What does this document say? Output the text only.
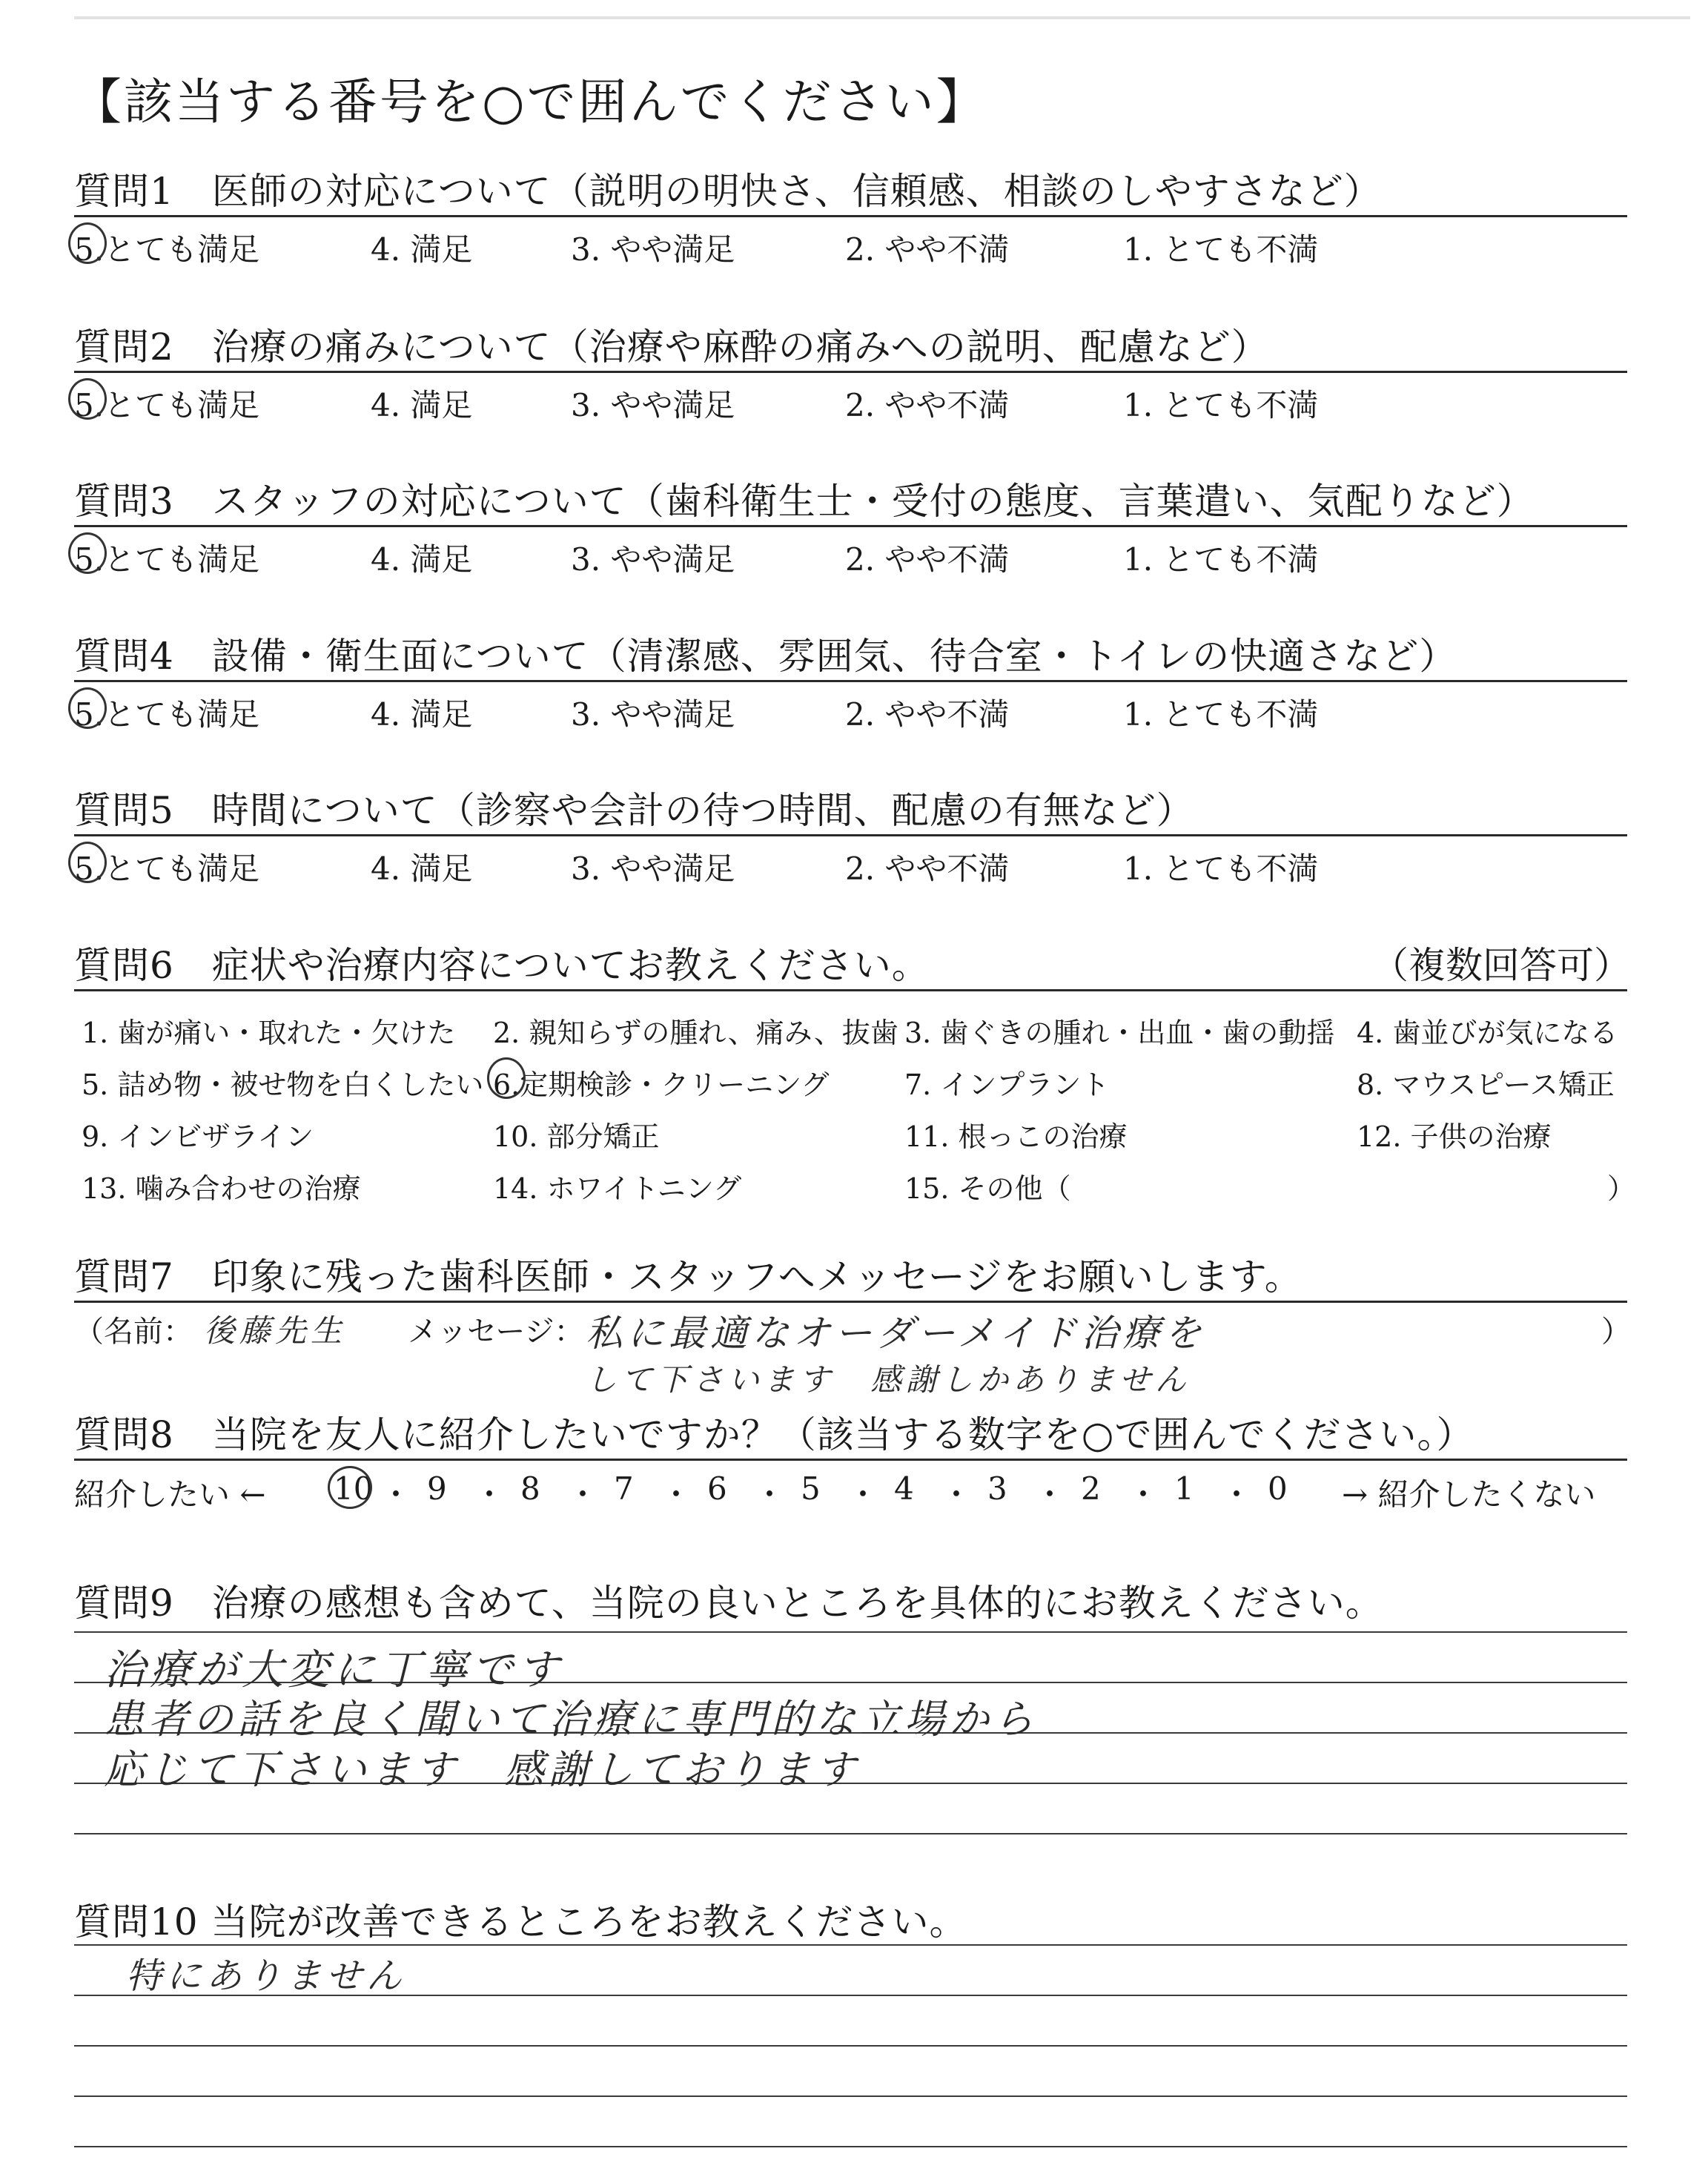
【該当する番号を○で囲んでください】
質問1　医師の対応について（説明の明快さ、信頼感、相談のしやすさなど）
5.とても満足	4. 満足	3. やや満足	2. やや不満	1. とても不満
質問2　治療の痛みについて（治療や麻酔の痛みへの説明、配慮など）
5.とても満足	4. 満足	3. やや満足	2. やや不満	1. とても不満
質問3　スタッフの対応について（歯科衛生士・受付の態度、言葉遣い、気配りなど）
5.とても満足	4. 満足	3. やや満足	2. やや不満	1. とても不満
質問4　設備・衛生面について（清潔感、雰囲気、待合室・トイレの快適さなど）
5.とても満足	4. 満足	3. やや満足	2. やや不満	1. とても不満
質問5　時間について（診察や会計の待つ時間、配慮の有無など）
5.とても満足	4. 満足	3. やや満足	2. やや不満	1. とても不満
質問6　症状や治療内容についてお教えください。	（複数回答可）
1. 歯が痛い・取れた・欠けた 2. 親知らずの腫れ、痛み、抜歯 3. 歯ぐきの腫れ・出血・歯の動揺 4. 歯並びが気になる
5. 詰め物・被せ物を白くしたい 6.定期検診・クリーニング	7. インプラント	8. マウスピース矯正
9. インビザライン	10. 部分矯正	11. 根っこの治療	12. 子供の治療
13. 噛み合わせの治療	14. ホワイトニング	15. その他（	）
質問7　印象に残った歯科医師・スタッフへメッセージをお願いします。
（名前： 後藤先生 メッセージ： 私に最適なオーダーメイド治療を
して下さいます　感謝しかありません
）
質問8　当院を友人に紹介したいですか？（該当する数字を○で囲んでください。）
紹介したい ← 10 ・ 9 ・ 8 ・ 7 ・ 6 ・ 5 ・ 4 ・ 3 ・ 2 ・ 1 ・ 0 → 紹介したくない
質問9　治療の感想も含めて、当院の良いところを具体的にお教えください。
治療が大変に丁寧です
患者の話を良く聞いて治療に専門的な立場から
応じて下さいます　感謝しております
質問10 当院が改善できるところをお教えください。
特にありません
